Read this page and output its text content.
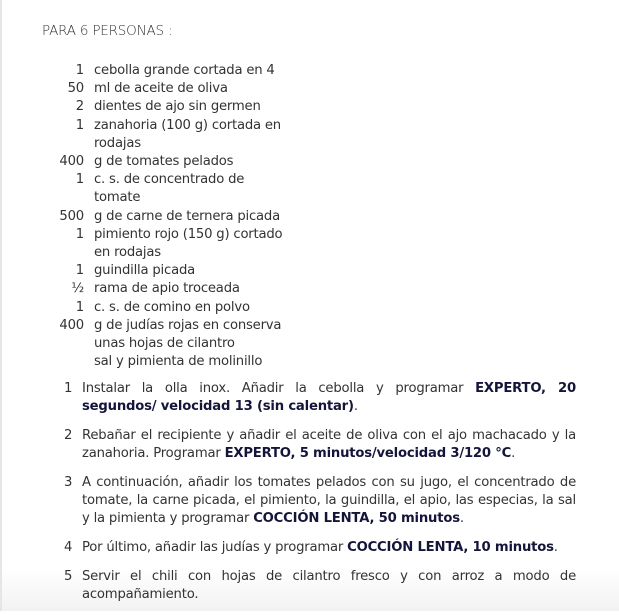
PARA 6 PERSONAS :
1 cebolla grande cortada en 4
50 ml de aceite de oliva
2 dientes de ajo sin germen
1 zanahoria (100 g) cortada en rodajas
400 g de tomates pelados
1 c. s. de concentrado de tomate
500 g de carne de ternera picada
1 pimiento rojo (150 g) cortado en rodajas
1 guindilla picada
½ rama de apio troceada
1 c. s. de comino en polvo
400 g de judías rojas en conserva
unas hojas de cilantro
sal y pimienta de molinillo
1 Instalar la olla inox. Añadir la cebolla y programar EXPERTO, 20 segundos/ velocidad 13 (sin calentar).
2 Rebañar el recipiente y añadir el aceite de oliva con el ajo machacado y la zanahoria. Programar EXPERTO, 5 minutos/velocidad 3/120 °C.
3 A continuación, añadir los tomates pelados con su jugo, el concentrado de tomate, la carne picada, el pimiento, la guindilla, el apio, las especias, la sal y la pimienta y programar COCCIÓN LENTA, 50 minutos.
4 Por último, añadir las judías y programar COCCIÓN LENTA, 10 minutos.
5 Servir el chili con hojas de cilantro fresco y con arroz a modo de acompañamiento.
